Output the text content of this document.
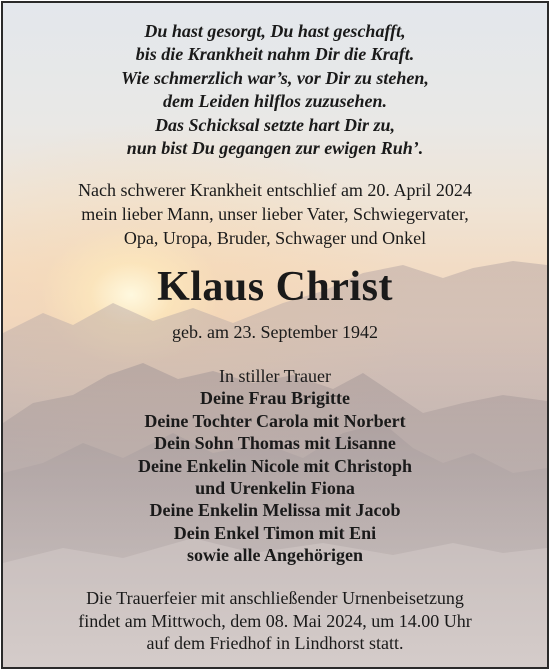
Du hast gesorgt, Du hast geschafft,
bis die Krankheit nahm Dir die Kraft.
Wie schmerzlich war’s, vor Dir zu stehen,
dem Leiden hilflos zuzusehen.
Das Schicksal setzte hart Dir zu,
nun bist Du gegangen zur ewigen Ruh’.
Nach schwerer Krankheit entschlief am 20. April 2024
mein lieber Mann, unser lieber Vater, Schwiegervater,
Opa, Uropa, Bruder, Schwager und Onkel
Klaus Christ
geb. am 23. September 1942
In stiller Trauer
Deine Frau Brigitte
Deine Tochter Carola mit Norbert
Dein Sohn Thomas mit Lisanne
Deine Enkelin Nicole mit Christoph
und Urenkelin Fiona
Deine Enkelin Melissa mit Jacob
Dein Enkel Timon mit Eni
sowie alle Angehörigen
Die Trauerfeier mit anschließender Urnenbeisetzung
findet am Mittwoch, dem 08. Mai 2024, um 14.00 Uhr
auf dem Friedhof in Lindhorst statt.
